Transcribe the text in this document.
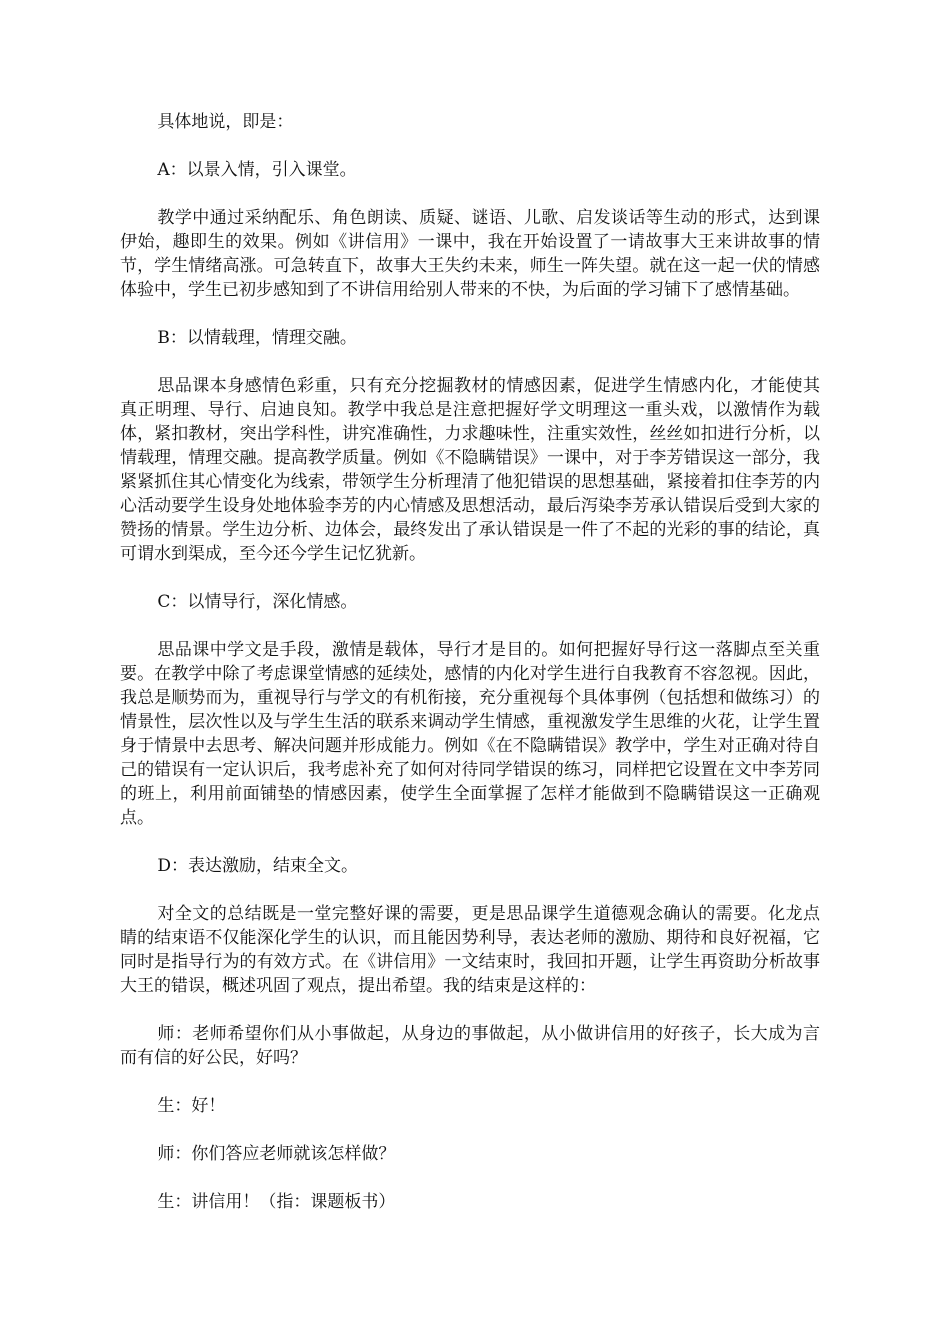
具体地说，即是：

A：以景入情，引入课堂。

教学中通过采纳配乐、角色朗读、质疑、谜语、儿歌、启发谈话等生动的形式，达到课伊始，趣即生的效果。例如《讲信用》一课中，我在开始设置了一请故事大王来讲故事的情节，学生情绪高涨。可急转直下，故事大王失约未来，师生一阵失望。就在这一起一伏的情感体验中，学生已初步感知到了不讲信用给别人带来的不快，为后面的学习铺下了感情基础。

B：以情载理，情理交融。

思品课本身感情色彩重，只有充分挖掘教材的情感因素，促进学生情感内化，才能使其真正明理、导行、启迪良知。教学中我总是注意把握好学文明理这一重头戏，以激情作为载体，紧扣教材，突出学科性，讲究准确性，力求趣味性，注重实效性，丝丝如扣进行分析，以情载理，情理交融。提高教学质量。例如《不隐瞒错误》一课中，对于李芳错误这一部分，我紧紧抓住其心情变化为线索，带领学生分析理清了他犯错误的思想基础，紧接着扣住李芳的内心活动要学生设身处地体验李芳的内心情感及思想活动，最后泻染李芳承认错误后受到大家的赞扬的情景。学生边分析、边体会，最终发出了承认错误是一件了不起的光彩的事的结论，真可谓水到渠成，至今还今学生记忆犹新。

C：以情导行，深化情感。

思品课中学文是手段，激情是载体，导行才是目的。如何把握好导行这一落脚点至关重要。在教学中除了考虑课堂情感的延续处，感情的内化对学生进行自我教育不容忽视。因此，我总是顺势而为，重视导行与学文的有机衔接，充分重视每个具体事例（包括想和做练习）的情景性，层次性以及与学生生活的联系来调动学生情感，重视激发学生思维的火花，让学生置身于情景中去思考、解决问题并形成能力。例如《在不隐瞒错误》教学中，学生对正确对待自己的错误有一定认识后，我考虑补充了如何对待同学错误的练习，同样把它设置在文中李芳同的班上，利用前面铺垫的情感因素，使学生全面掌握了怎样才能做到不隐瞒错误这一正确观点。

D：表达激励，结束全文。

对全文的总结既是一堂完整好课的需要，更是思品课学生道德观念确认的需要。化龙点睛的结束语不仅能深化学生的认识，而且能因势利导，表达老师的激励、期待和良好祝福，它同时是指导行为的有效方式。在《讲信用》一文结束时，我回扣开题，让学生再资助分析故事大王的错误，概述巩固了观点，提出希望。我的结束是这样的：

师：老师希望你们从小事做起，从身边的事做起，从小做讲信用的好孩子，长大成为言而有信的好公民，好吗？

生：好！

师：你们答应老师就该怎样做？

生：讲信用！（指：课题板书）
